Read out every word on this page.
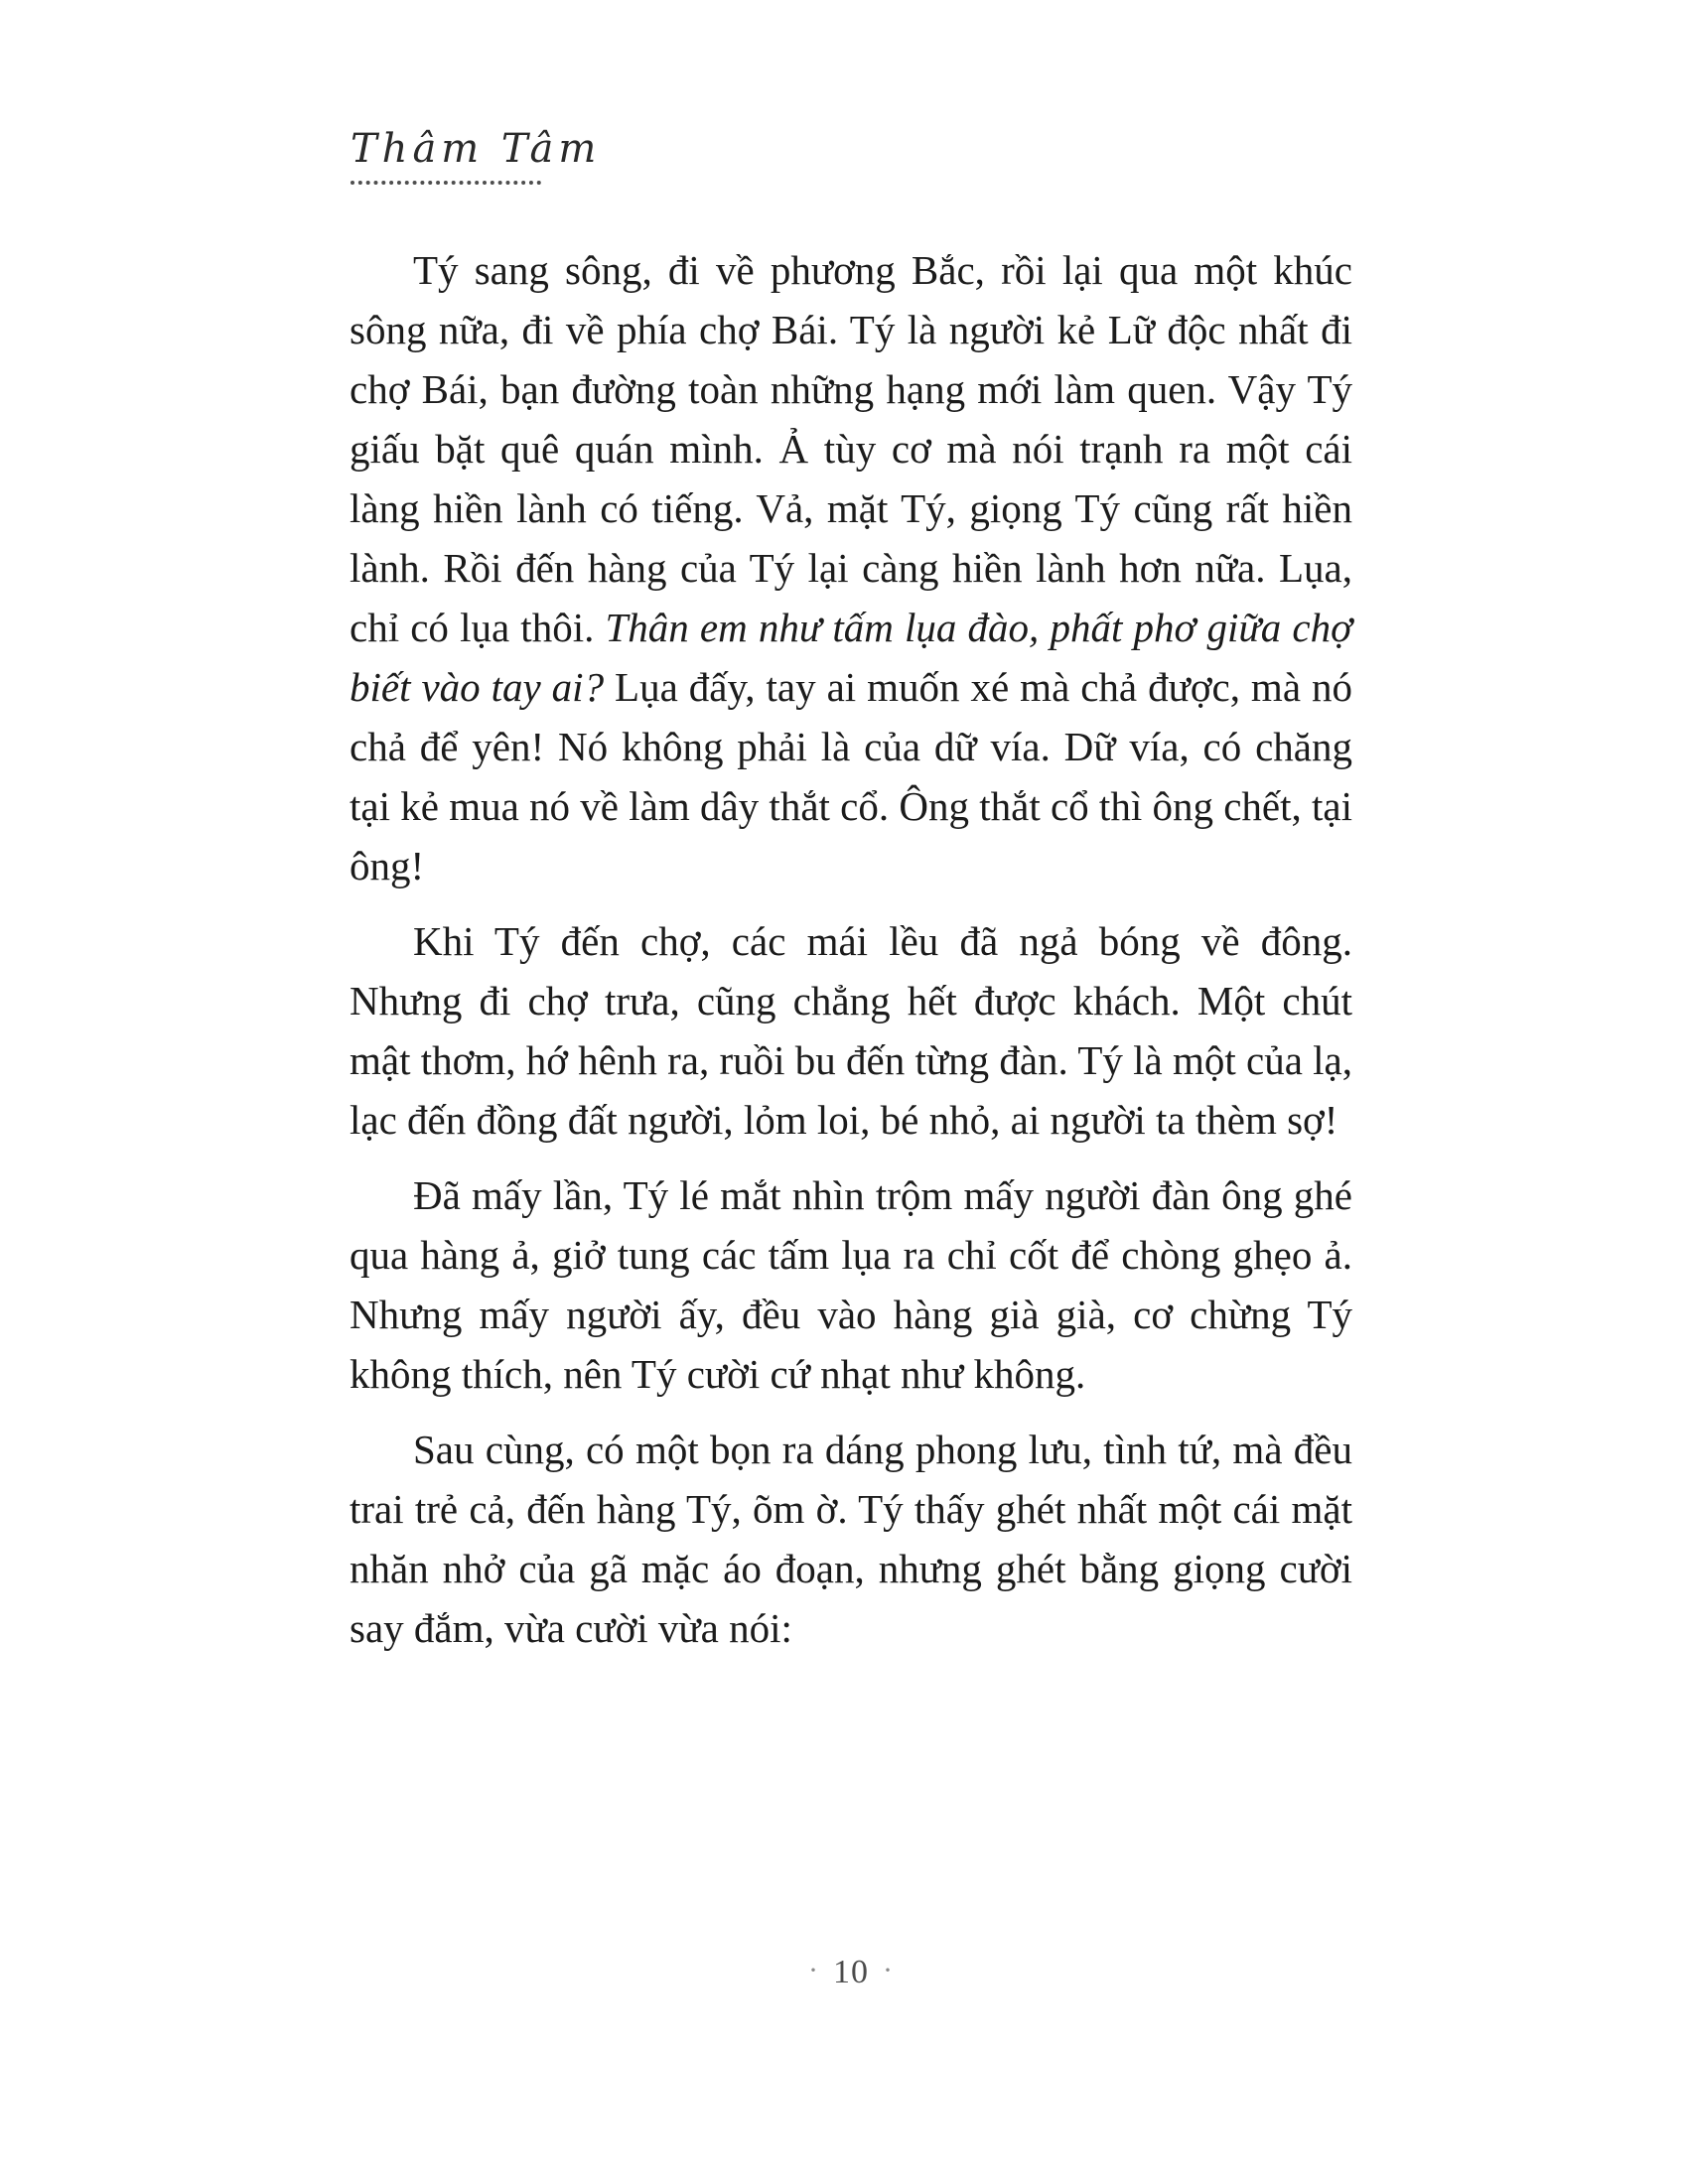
Thâm Tâm

Tý sang sông, đi về phương Bắc, rồi lại qua một khúc sông nữa, đi về phía chợ Bái. Tý là người kẻ Lữ độc nhất đi chợ Bái, bạn đường toàn những hạng mới làm quen. Vậy Tý giấu bặt quê quán mình. Ả tùy cơ mà nói trạnh ra một cái làng hiền lành có tiếng. Vả, mặt Tý, giọng Tý cũng rất hiền lành. Rồi đến hàng của Tý lại càng hiền lành hơn nữa. Lụa, chỉ có lụa thôi. Thân em như tấm lụa đào, phất phơ giữa chợ biết vào tay ai? Lụa đấy, tay ai muốn xé mà chả được, mà nó chả để yên! Nó không phải là của dữ vía. Dữ vía, có chăng tại kẻ mua nó về làm dây thắt cổ. Ông thắt cổ thì ông chết, tại ông!

Khi Tý đến chợ, các mái lều đã ngả bóng về đông. Nhưng đi chợ trưa, cũng chẳng hết được khách. Một chút mật thơm, hớ hênh ra, ruồi bu đến từng đàn. Tý là một của lạ, lạc đến đồng đất người, lỏm loi, bé nhỏ, ai người ta thèm sợ!

Đã mấy lần, Tý lé mắt nhìn trộm mấy người đàn ông ghé qua hàng ả, giở tung các tấm lụa ra chỉ cốt để chòng ghẹo ả. Nhưng mấy người ấy, đều vào hàng già già, cơ chừng Tý không thích, nên Tý cười cứ nhạt như không.

Sau cùng, có một bọn ra dáng phong lưu, tình tứ, mà đều trai trẻ cả, đến hàng Tý, õm ờ. Tý thấy ghét nhất một cái mặt nhăn nhở của gã mặc áo đoạn, nhưng ghét bằng giọng cười say đắm, vừa cười vừa nói:

· 10 ·
